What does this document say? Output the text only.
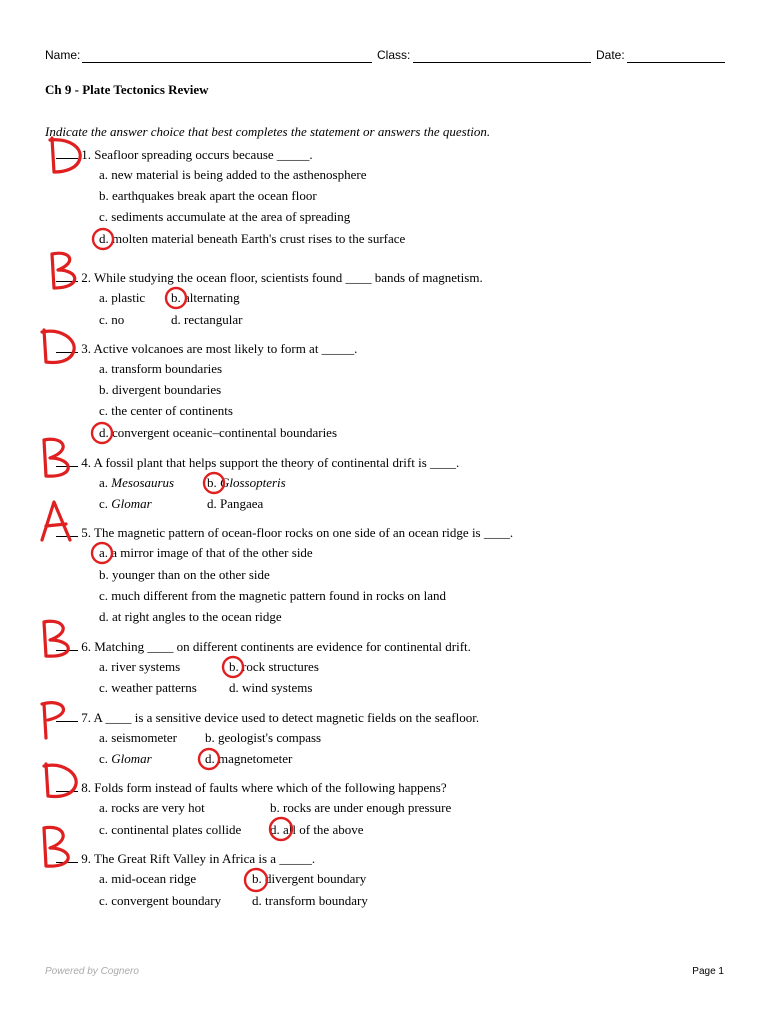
Name:	Class:	Date:
Ch 9 - Plate Tectonics Review
Indicate the answer choice that best completes the statement or answers the question.
1. Seafloor spreading occurs because _____.
a. new material is being added to the asthenosphere
b. earthquakes break apart the ocean floor
c. sediments accumulate at the area of spreading
d. molten material beneath Earth's crust rises to the surface
2. While studying the ocean floor, scientists found ____ bands of magnetism.
a. plastic b. alternating
c. no	d. rectangular
3. Active volcanoes are most likely to form at _____.
a. transform boundaries
b. divergent boundaries
c. the center of continents
d. convergent oceanic–continental boundaries
4. A fossil plant that helps support the theory of continental drift is ____.
a. Mesosaurus	b. Glossopteris
c. Glomar	d. Pangaea
5. The magnetic pattern of ocean-floor rocks on one side of an ocean ridge is ____.
a. a mirror image of that of the other side
b. younger than on the other side
c. much different from the magnetic pattern found in rocks on land
d. at right angles to the ocean ridge
6. Matching ____ on different continents are evidence for continental drift.
a. river systems	b. rock structures
c. weather patterns d. wind systems
7. A ____ is a sensitive device used to detect magnetic fields on the seafloor.
a. seismometer b. geologist's compass
c. Glomar	d. magnetometer
8. Folds form instead of faults where which of the following happens?
a. rocks are very hot	b. rocks are under enough pressure
c. continental plates collide d. all of the above
9. The Great Rift Valley in Africa is a _____.
a. mid-ocean ridge	b. divergent boundary
c. convergent boundary d. transform boundary
Powered by Cognero	Page 1
